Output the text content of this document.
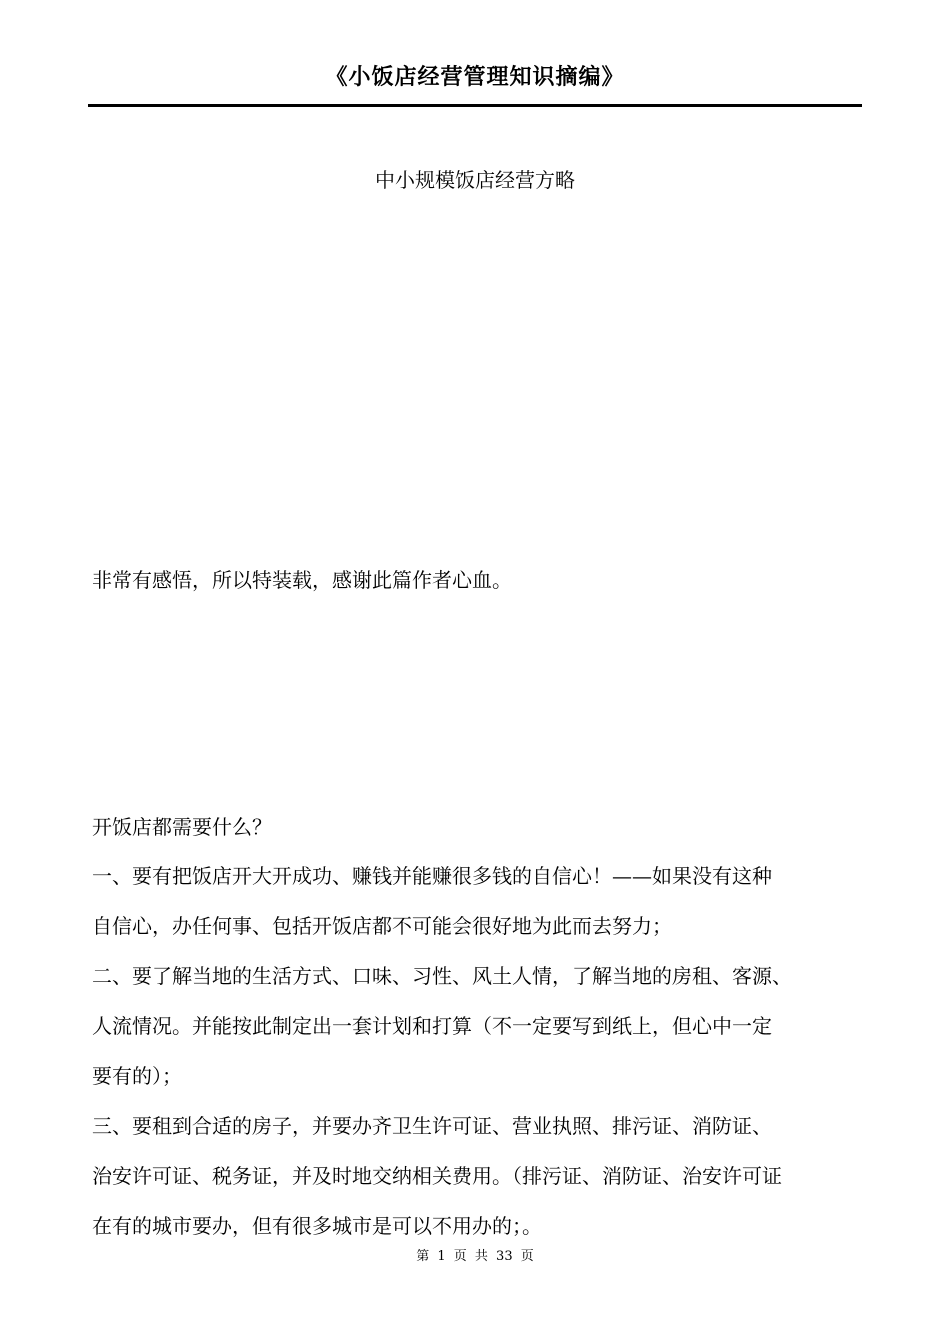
《小饭店经营管理知识摘编》
中小规模饭店经营方略
非常有感悟，所以特装载，感谢此篇作者心血。
开饭店都需要什么？
一、要有把饭店开大开成功、赚钱并能赚很多钱的自信心！——如果没有这种
自信心，办任何事、包括开饭店都不可能会很好地为此而去努力；
二、要了解当地的生活方式、口味、习性、风土人情，了解当地的房租、客源、
人流情况。并能按此制定出一套计划和打算（不一定要写到纸上，但心中一定
要有的）；
三、要租到合适的房子，并要办齐卫生许可证、营业执照、排污证、消防证、
治安许可证、税务证，并及时地交纳相关费用。（排污证、消防证、治安许可证
在有的城市要办，但有很多城市是可以不用办的；。
第 1 页 共 33 页
